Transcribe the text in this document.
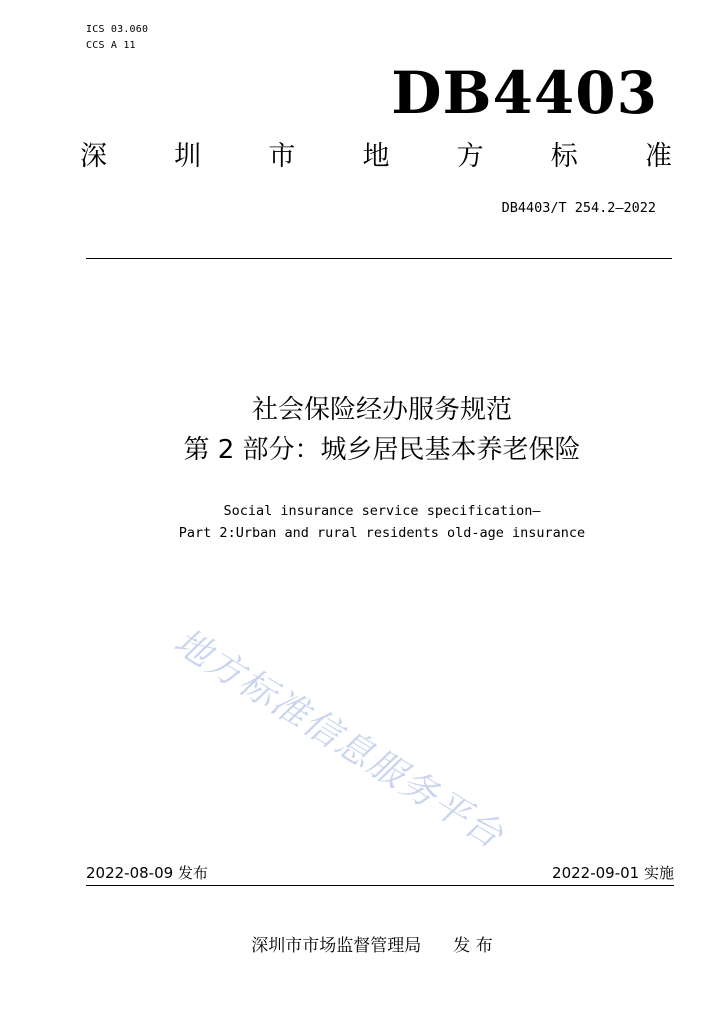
ICS 03.060
CCS A 11
DB4403
深 圳 市 地 方 标 准
DB4403/T 254.2—2022
社会保险经办服务规范
第 2 部分：城乡居民基本养老保险
Social insurance service specification—
Part 2:Urban and rural residents old-age insurance
地方标准信息服务平台
2022-08-09 发布	2022-09-01 实施
深圳市市场监督管理局 发 布
